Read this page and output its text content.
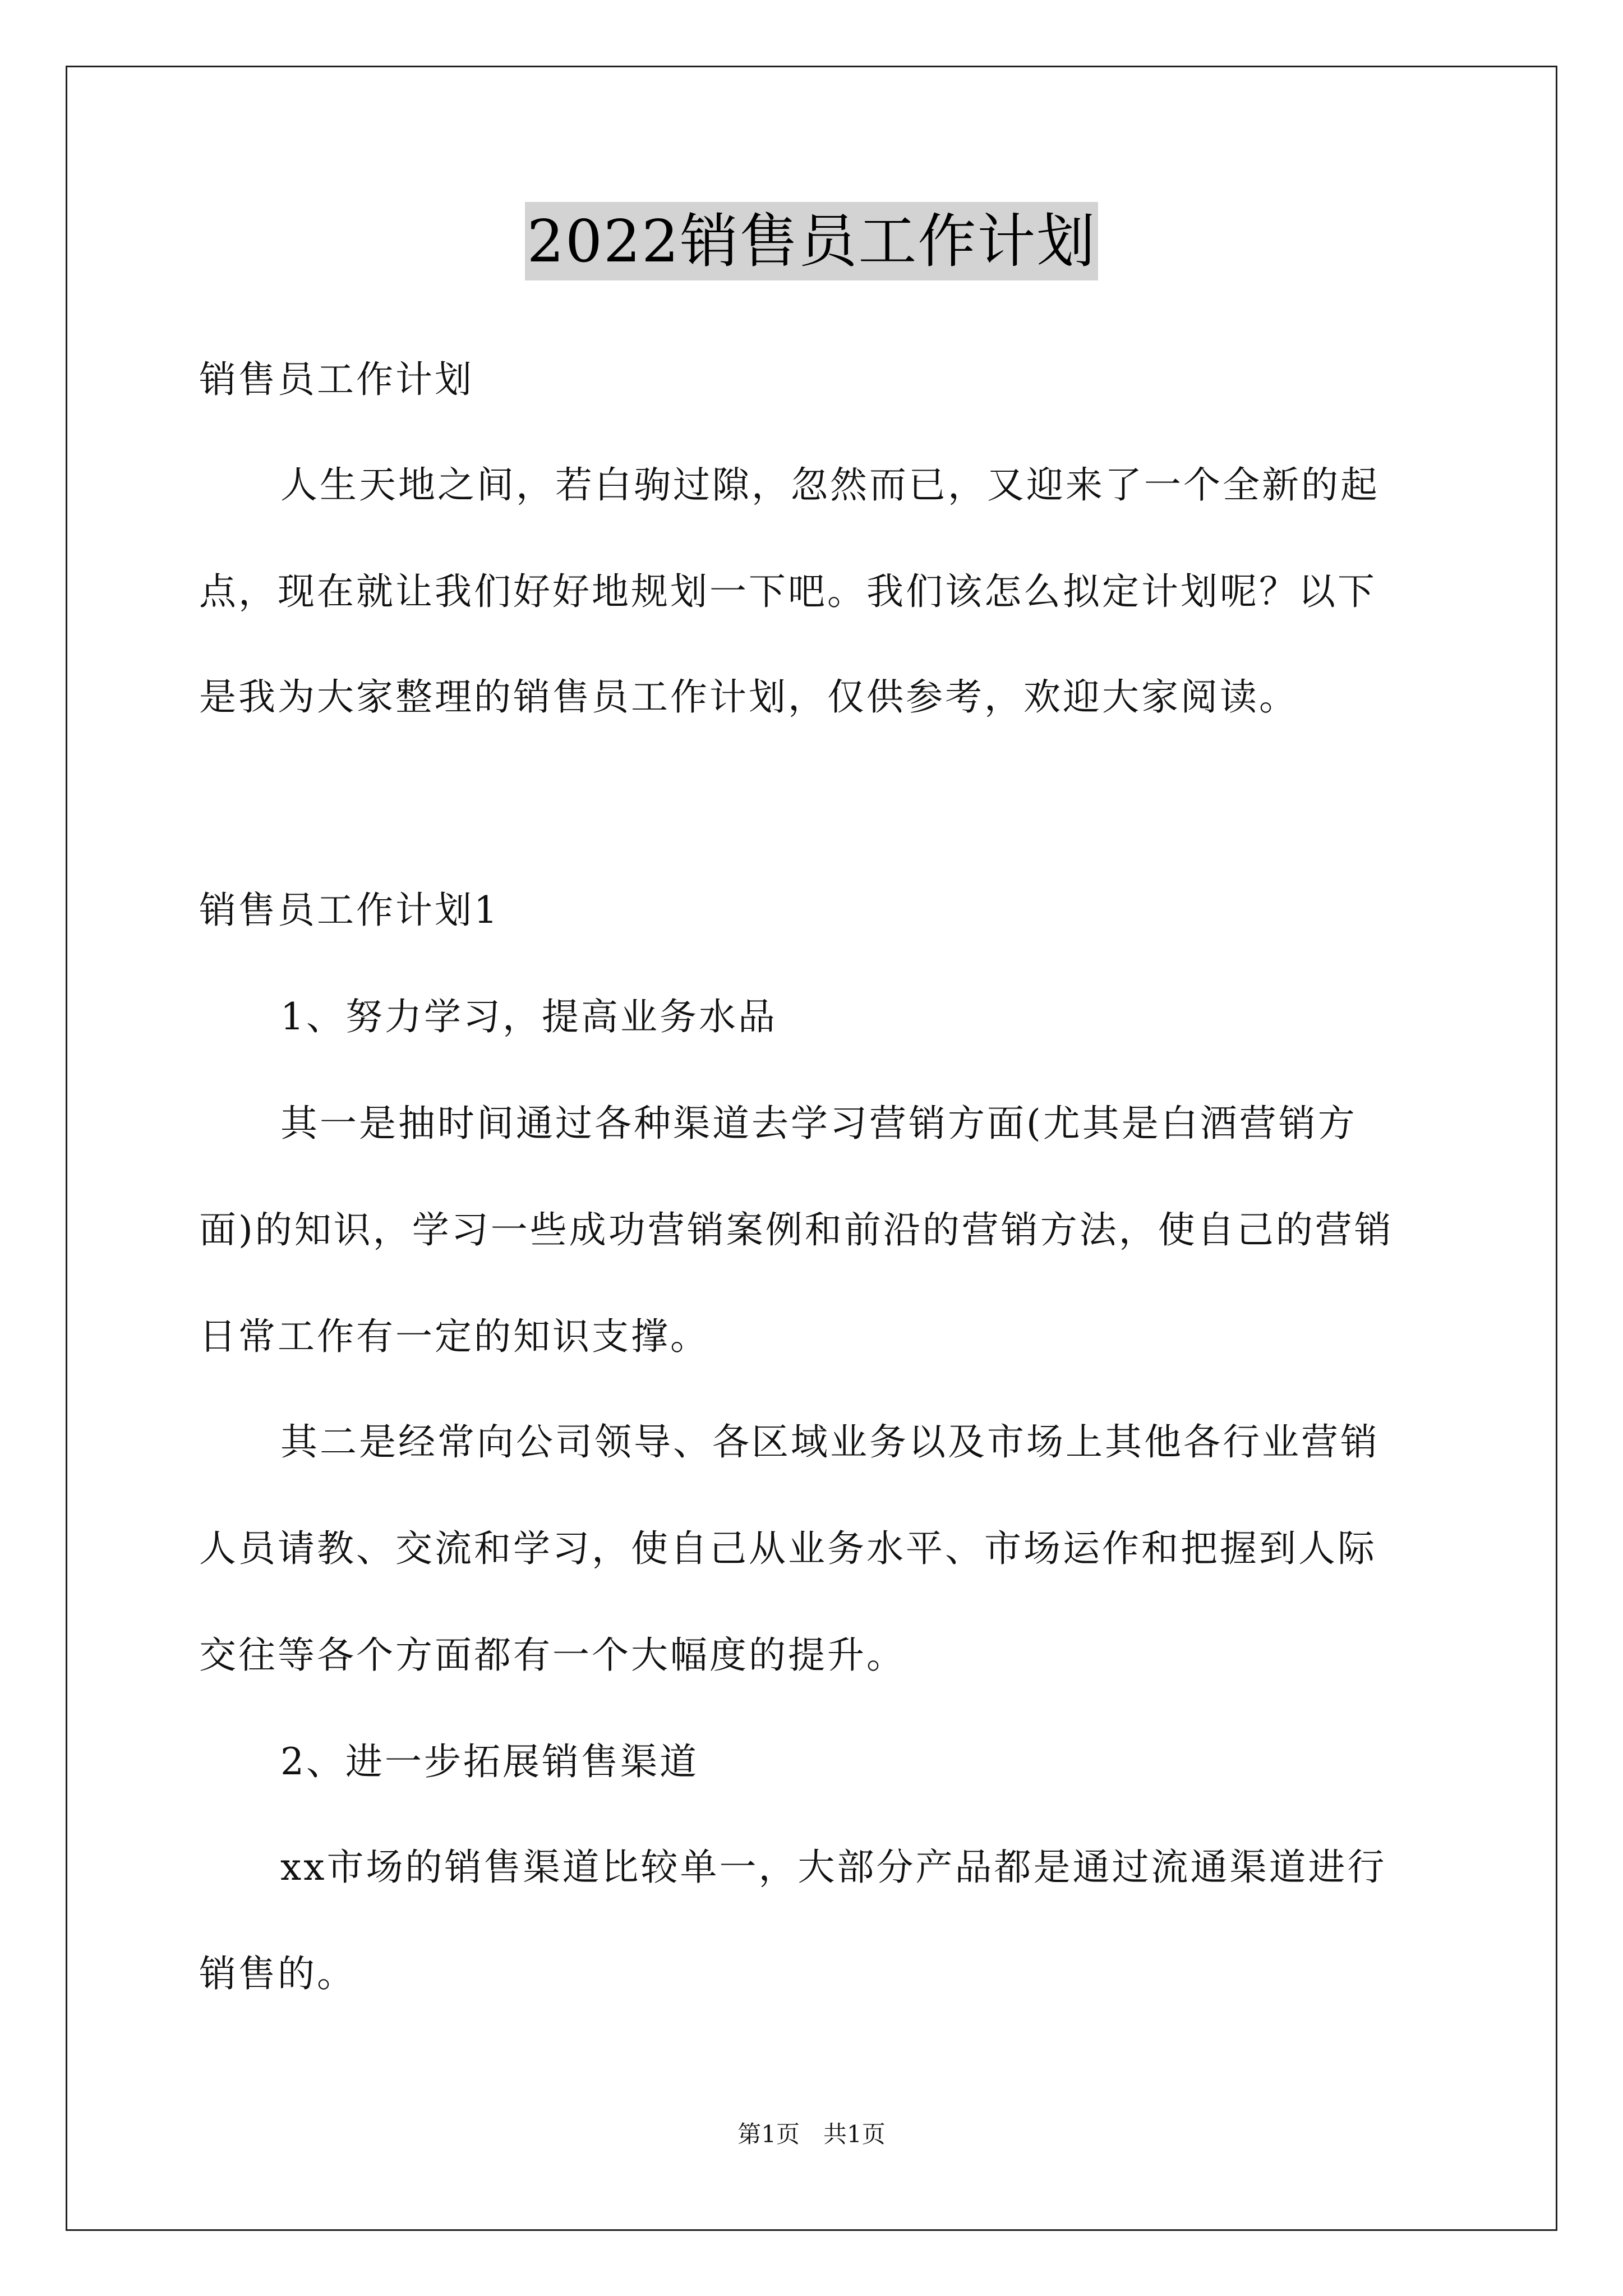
2022销售员工作计划
销售员工作计划
人生天地之间，若白驹过隙，忽然而已，又迎来了一个全新的起
点，现在就让我们好好地规划一下吧。我们该怎么拟定计划呢？以下
是我为大家整理的销售员工作计划，仅供参考，欢迎大家阅读。
销售员工作计划1
1、努力学习，提高业务水品
其一是抽时间通过各种渠道去学习营销方面(尤其是白酒营销方
面)的知识，学习一些成功营销案例和前沿的营销方法，使自己的营销
日常工作有一定的知识支撑。
其二是经常向公司领导、各区域业务以及市场上其他各行业营销
人员请教、交流和学习，使自己从业务水平、市场运作和把握到人际
交往等各个方面都有一个大幅度的提升。
2、进一步拓展销售渠道
xx市场的销售渠道比较单一，大部分产品都是通过流通渠道进行
销售的。
第1页　共1页
